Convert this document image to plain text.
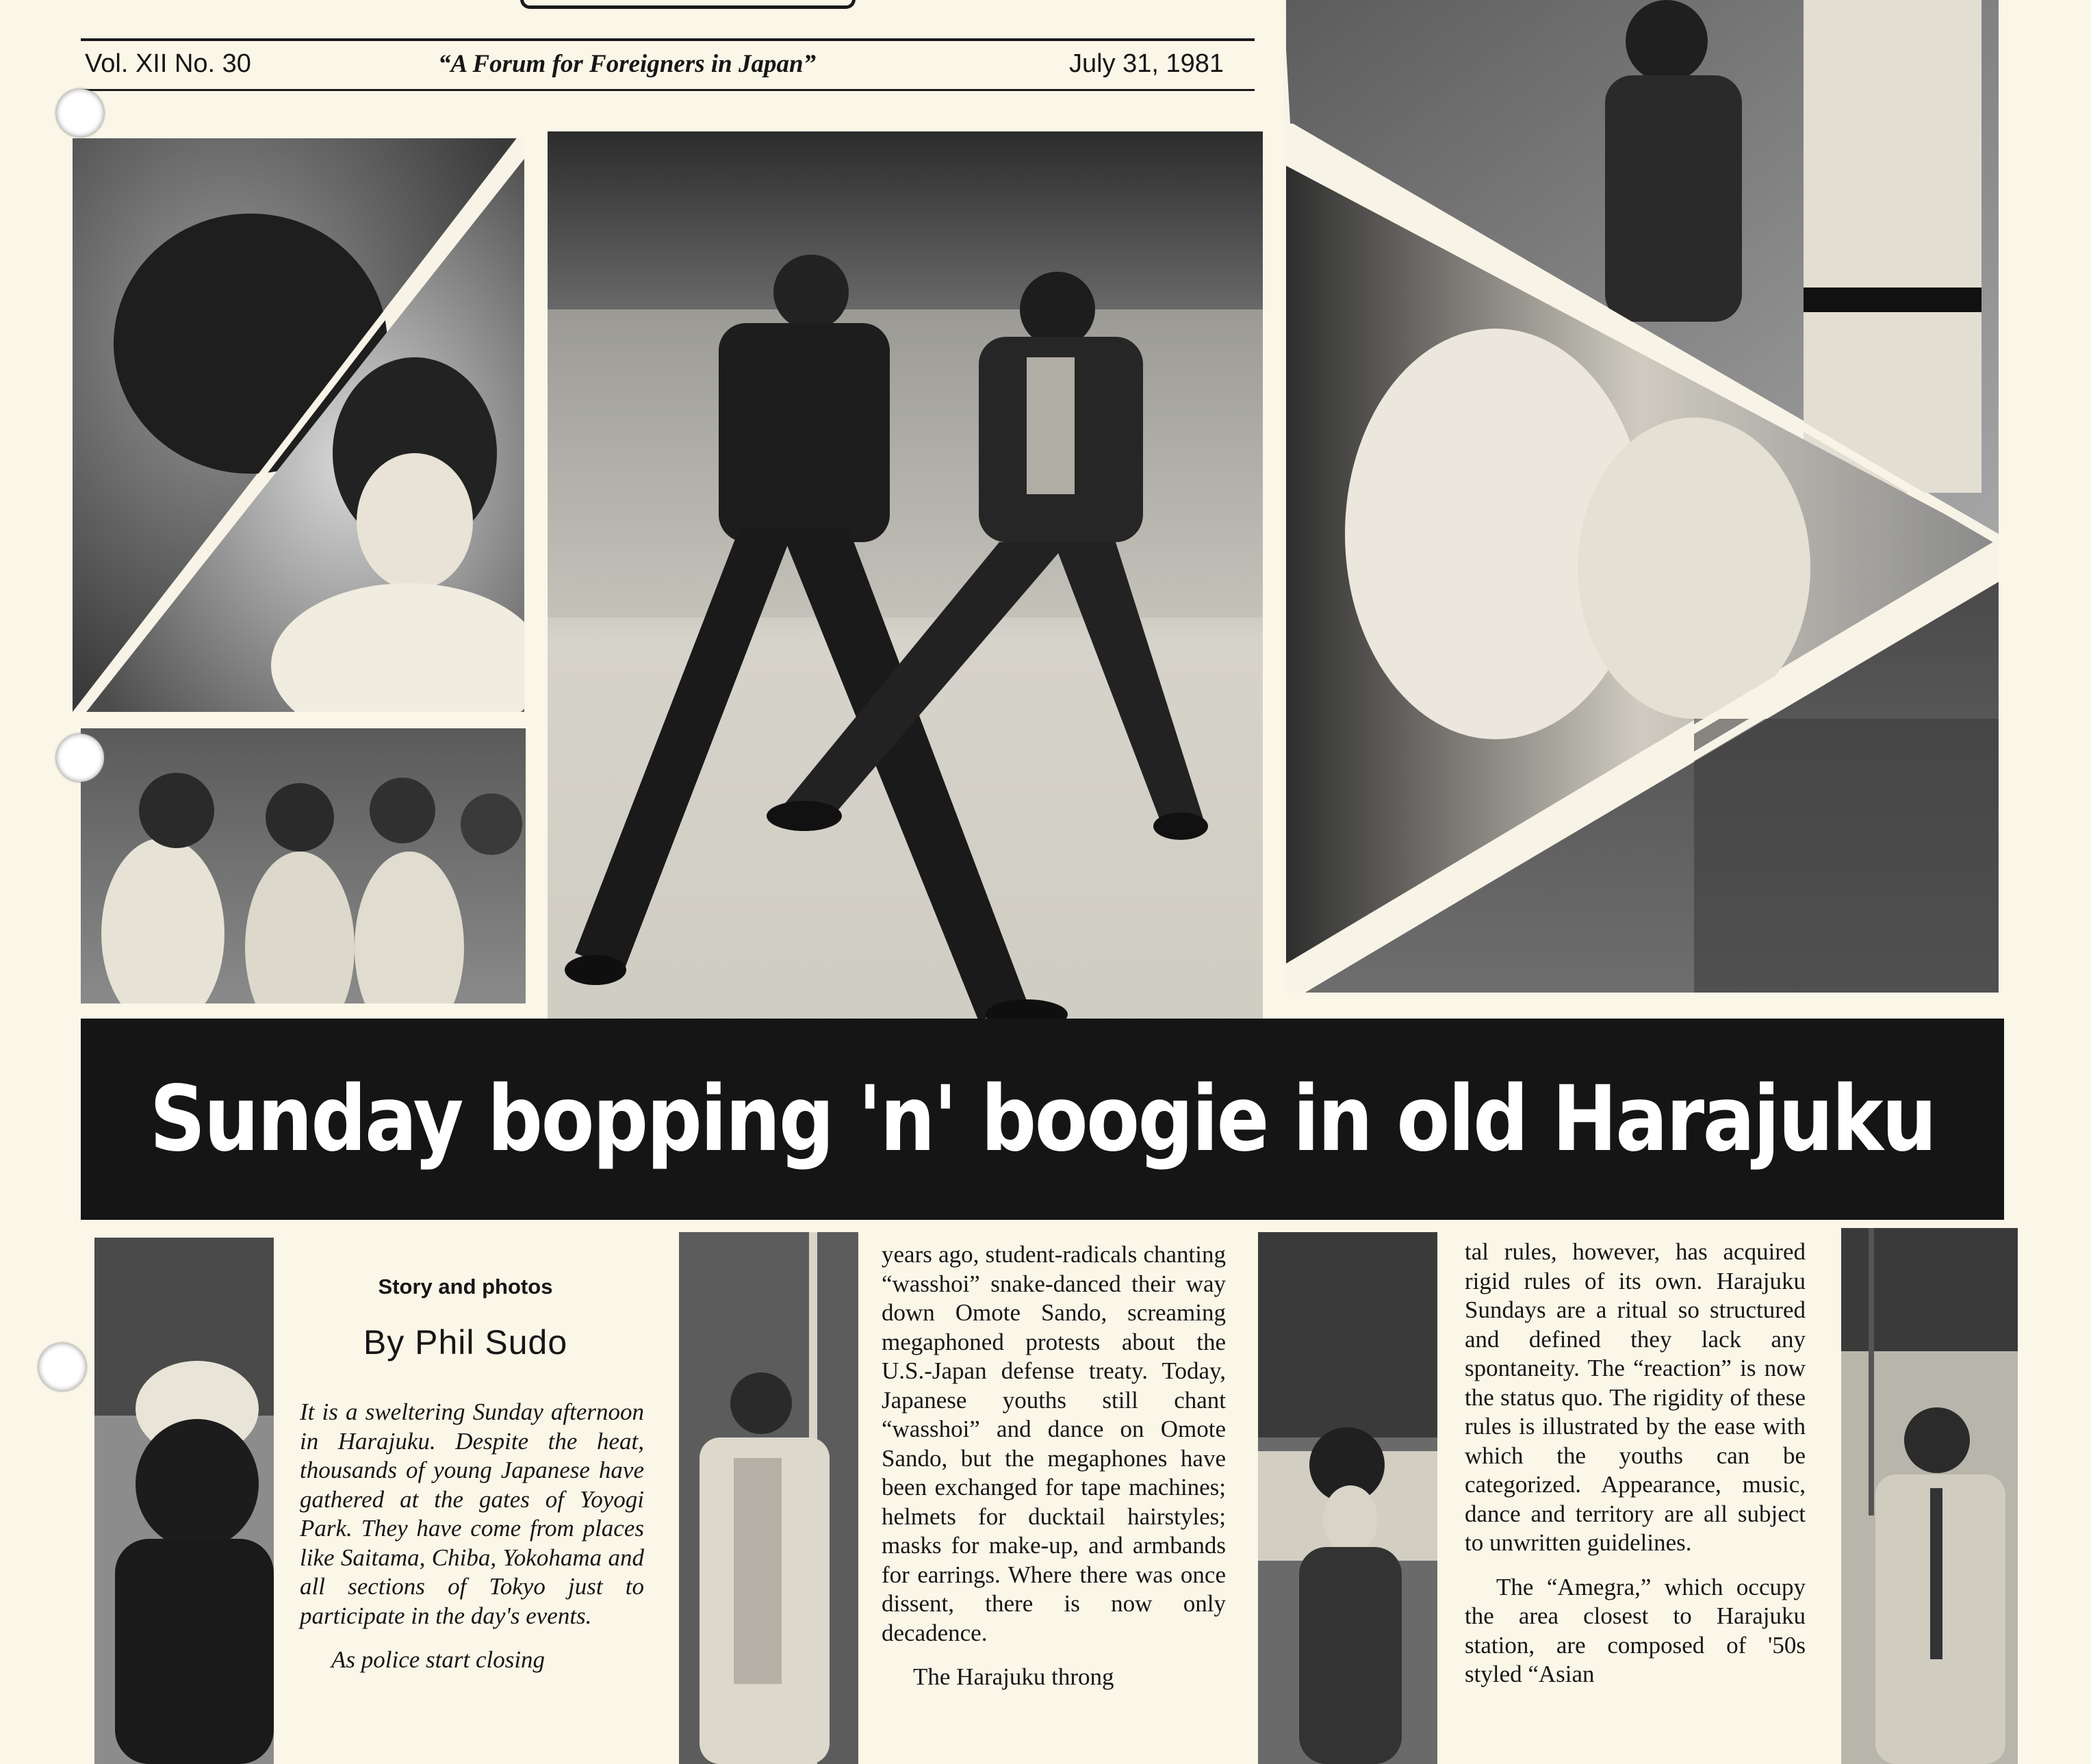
Vol. XII No. 30	“A Forum for Foreigners in Japan”	July 31, 1981
Sunday bopping 'n' boogie in old Harajuku
Story and photos
By Phil Sudo

It is a sweltering Sunday afternoon in Harajuku. Despite the heat, thousands of young Japanese have gathered at the gates of Yoyogi Park. They have come from places like Saitama, Chiba, Yokohama and all sections of Tokyo just to participate in the day's events.

As police start closing

years ago, student-radicals chanting “wasshoi” snake-danced their way down Omote Sando, screaming megaphoned protests about the U.S.-Japan defense treaty. Today, Japanese youths still chant “wasshoi” and dance on Omote Sando, but the megaphones have been exchanged for tape machines; helmets for ducktail hairstyles; masks for make-up, and armbands for earrings. Where there was once dissent, there is now only decadence.

The Harajuku throng

tal rules, however, has acquired rigid rules of its own. Harajuku Sundays are a ritual so structured and defined they lack any spontaneity. The “reaction” is now the status quo. The rigidity of these rules is illustrated by the ease with which the youths can be categorized. Appearance, music, dance and territory are all subject to unwritten guidelines.

The “Amegra,” which occupy the area closest to Harajuku station, are composed of '50s styled “Asian
